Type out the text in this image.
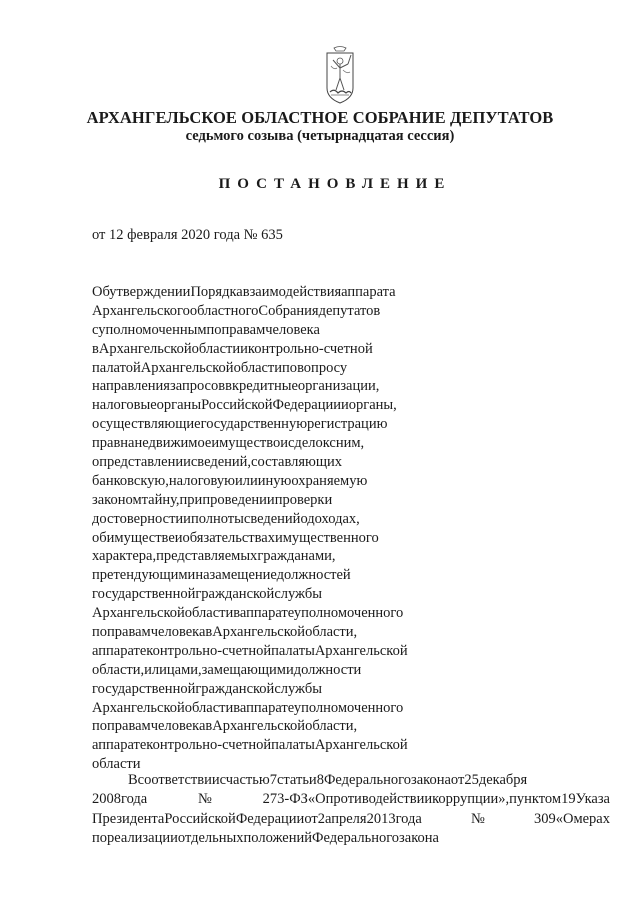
АРХАНГЕЛЬСКОЕ ОБЛАСТНОЕ СОБРАНИЕ ДЕПУТАТОВ
седьмого созыва (четырнадцатая сессия)
ПОСТАНОВЛЕНИЕ
от 12 февраля 2020 года № 635
ОбутвержденииПорядкавзаимодействияаппарата
АрхангельскогообластногоСобраниядепутатов
суполномоченнымпоправамчеловека
вАрхангельскойобластииконтрольно-счетной
палатойАрхангельскойобластиповопросу
направлениязапросоввкредитныеорганизации,
налоговыеорганыРоссийскойФедерациииорганы,
осуществляющиегосударственнуюрегистрацию
правнанедвижимоеимуществоисделоксним,
опредставлениисведений,составляющих
банковскую,налоговуюилиинуюохраняемую
закономтайну,припроведениипроверки
достоверностииполнотысведенийодоходах,
обимуществеиобязательствахимущественного
характера,представляемыхгражданами,
претендующиминазамещениедолжностей
государственнойгражданскойслужбы
Архангельскойобластиваппаратеуполномоченного
поправамчеловекавАрхангельскойобласти,
аппаратеконтрольно-счетнойпалатыАрхангельской
области,илицами,замещающимидолжности
государственнойгражданскойслужбы
Архангельскойобластиваппаратеуполномоченного
поправамчеловекавАрхангельскойобласти,
аппаратеконтрольно-счетнойпалатыАрхангельской
области
Всоответствиисчастью7статьи8Федеральногозаконаот25декабря
2008года№273-ФЗ«Опротиводействиикоррупции»,пунктом19Указа
ПрезидентаРоссийскойФедерацииот2апреля2013года№309«Омерах
пореализацииотдельныхположенийФедеральногозакона
